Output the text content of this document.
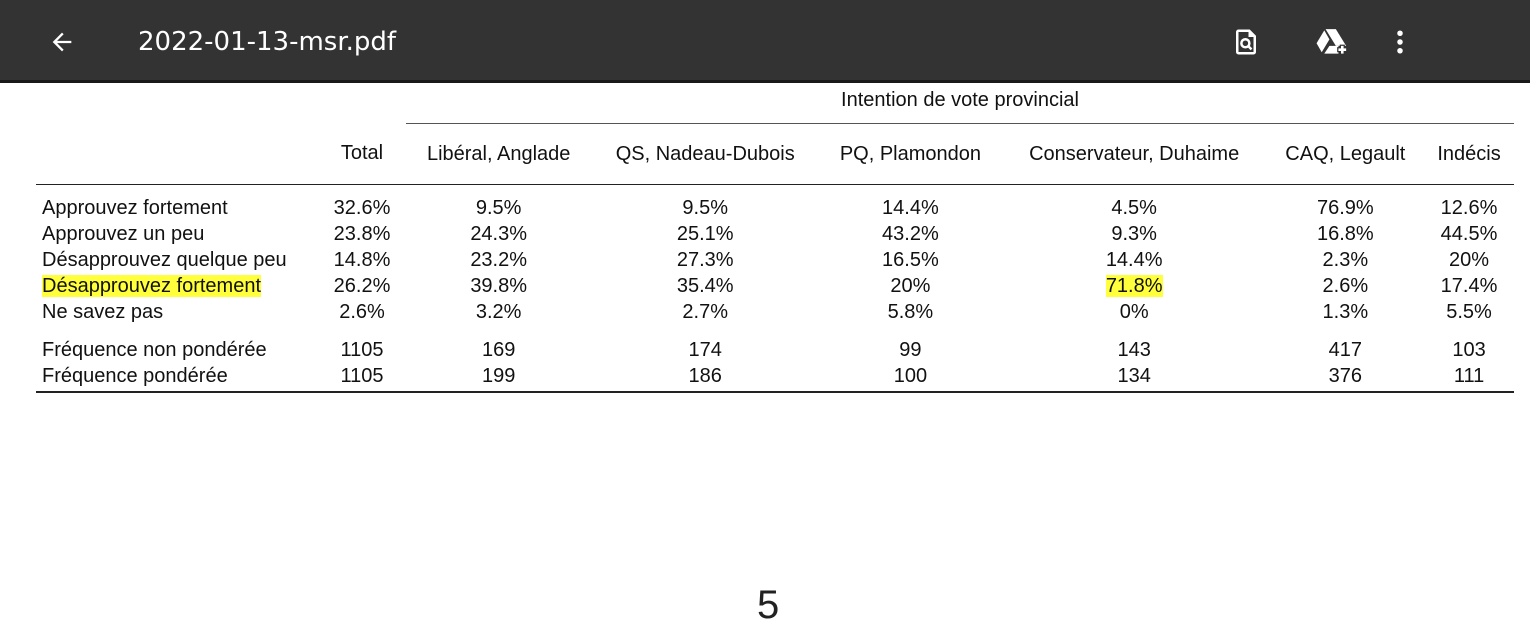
2022-01-13-msr.pdf
		Intention de vote provincial					
	Total	Libéral, Anglade	QS, Nadeau-Dubois	PQ, Plamondon	Conservateur, Duhaime	CAQ, Legault	Indécis
Approuvez fortement	32.6%	9.5%	9.5%	14.4%	4.5%	76.9%	12.6%
Approuvez un peu	23.8%	24.3%	25.1%	43.2%	9.3%	16.8%	44.5%
Désapprouvez quelque peu	14.8%	23.2%	27.3%	16.5%	14.4%	2.3%	20%
Désapprouvez fortement	26.2%	39.8%	35.4%	20%	71.8%	2.6%	17.4%
Ne savez pas	2.6%	3.2%	2.7%	5.8%	0%	1.3%	5.5%
Fréquence non pondérée	1105	169	174	99	143	417	103
Fréquence pondérée	1105	199	186	100	134	376	111
5
